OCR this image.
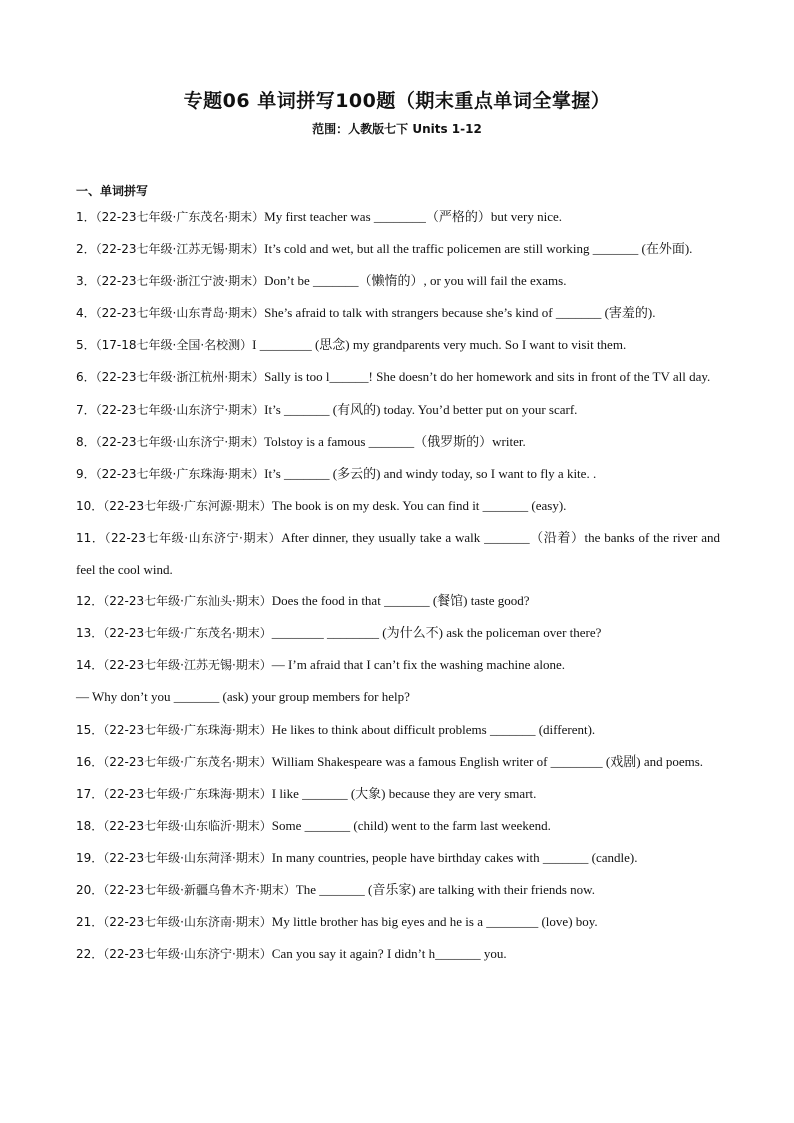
专题06 单词拼写100题（期末重点单词全掌握）
范围：人教版七下 Units 1-12
一、单词拼写

1．（22-23七年级·广东茂名·期末）My first teacher was ________（严格的）but very nice.

2．（22-23七年级·江苏无锡·期末）It’s cold and wet, but all the traffic policemen are still working _______ (在外面).

3．（22-23七年级·浙江宁波·期末）Don’t be _______（懒惰的）, or you will fail the exams.

4．（22-23七年级·山东青岛·期末）She’s afraid to talk with strangers because she’s kind of _______ (害羞的).

5．（17-18七年级·全国·名校测）I ________ (思念) my grandparents very much. So I want to visit them.

6．（22-23七年级·浙江杭州·期末）Sally is too l______! She doesn’t do her homework and sits in front of the TV all day.

7．（22-23七年级·山东济宁·期末）It’s _______ (有风的) today. You’d better put on your scarf.

8．（22-23七年级·山东济宁·期末）Tolstoy is a famous _______（俄罗斯的）writer.

9．（22-23七年级·广东珠海·期末）It’s _______ (多云的) and windy today, so I want to fly a kite. .

10．（22-23七年级·广东河源·期末）The book is on my desk. You can find it _______ (easy).

11．（22-23七年级·山东济宁·期末）After dinner, they usually take a walk _______（沿着）the banks of the river and feel the cool wind.

12．（22-23七年级·广东汕头·期末）Does the food in that _______ (餐馆) taste good?

13．（22-23七年级·广东茂名·期末）________ ________ (为什么不) ask the policeman over there?

14．（22-23七年级·江苏无锡·期末）— I’m afraid that I can’t fix the washing machine alone.

— Why don’t you _______ (ask) your group members for help?

15．（22-23七年级·广东珠海·期末）He likes to think about difficult problems _______ (different).

16．（22-23七年级·广东茂名·期末）William Shakespeare was a famous English writer of ________ (戏剧) and poems.

17．（22-23七年级·广东珠海·期末）I like _______ (大象) because they are very smart.

18．（22-23七年级·山东临沂·期末）Some _______ (child) went to the farm last weekend.

19．（22-23七年级·山东菏泽·期末）In many countries, people have birthday cakes with _______ (candle).

20．（22-23七年级·新疆乌鲁木齐·期末）The _______ (音乐家) are talking with their friends now.

21．（22-23七年级·山东济南·期末）My little brother has big eyes and he is a ________ (love) boy.

22．（22-23七年级·山东济宁·期末）Can you say it again? I didn’t h_______ you.
